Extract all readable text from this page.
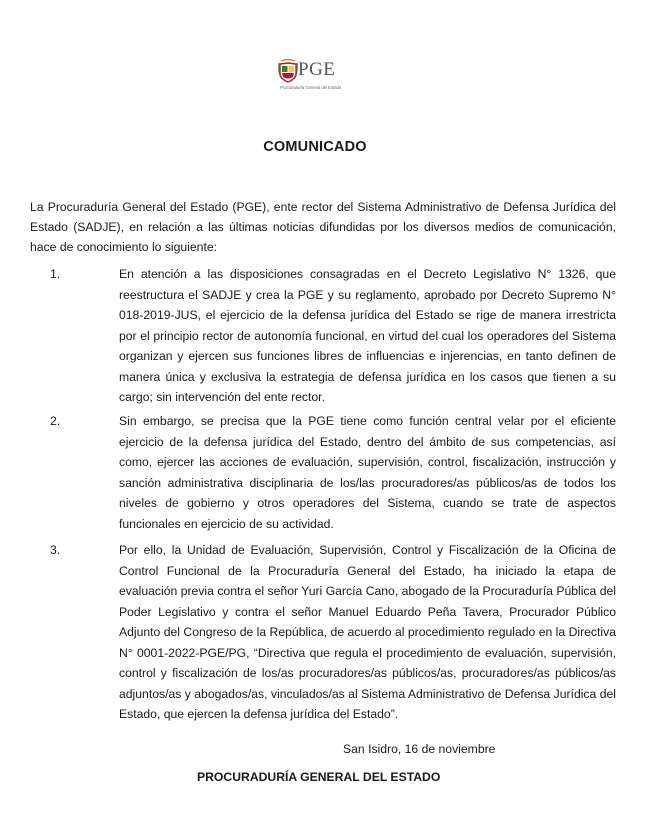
PGE
Procuraduría General del Estado
COMUNICADO
La Procuraduría General del Estado (PGE), ente rector del Sistema Administrativo de Defensa Jurídica del Estado (SADJE), en relación a las últimas noticias difundidas por los diversos medios de comunicación, hace de conocimiento lo siguiente:
1.	En atención a las disposiciones consagradas en el Decreto Legislativo N° 1326, que reestructura el SADJE y crea la PGE y su reglamento, aprobado por Decreto Supremo N° 018-2019-JUS, el ejercicio de la defensa jurídica del Estado se rige de manera irrestricta por el principio rector de autonomía funcional, en virtud del cual los operadores del Sistema organizan y ejercen sus funciones libres de influencias e injerencias, en tanto definen de manera única y exclusiva la estrategia de defensa jurídica en los casos que tienen a su cargo; sin intervención del ente rector.
2.	Sin embargo, se precisa que la PGE tiene como función central velar por el eficiente ejercicio de la defensa jurídica del Estado, dentro del ámbito de sus competencias, así como, ejercer las acciones de evaluación, supervisión, control, fiscalización, instrucción y sanción administrativa disciplinaria de los/las procuradores/as públicos/as de todos los niveles de gobierno y otros operadores del Sistema, cuando se trate de aspectos funcionales en ejercicio de su actividad.
3.	Por ello, la Unidad de Evaluación, Supervisión, Control y Fiscalización de la Oficina de Control Funcional de la Procuraduría General del Estado, ha iniciado la etapa de evaluación previa contra el señor Yuri García Cano, abogado de la Procuraduría Pública del Poder Legislativo y contra el señor Manuel Eduardo Peña Tavera, Procurador Público Adjunto del Congreso de la República, de acuerdo al procedimiento regulado en la Directiva N° 0001-2022-PGE/PG, “Directiva que regula el procedimiento de evaluación, supervisión, control y fiscalización de los/as procuradores/as públicos/as, procuradores/as públicos/as adjuntos/as y abogados/as, vinculados/as al Sistema Administrativo de Defensa Jurídica del Estado, que ejercen la defensa jurídica del Estado”.
San Isidro, 16 de noviembre
PROCURADURÍA GENERAL DEL ESTADO
